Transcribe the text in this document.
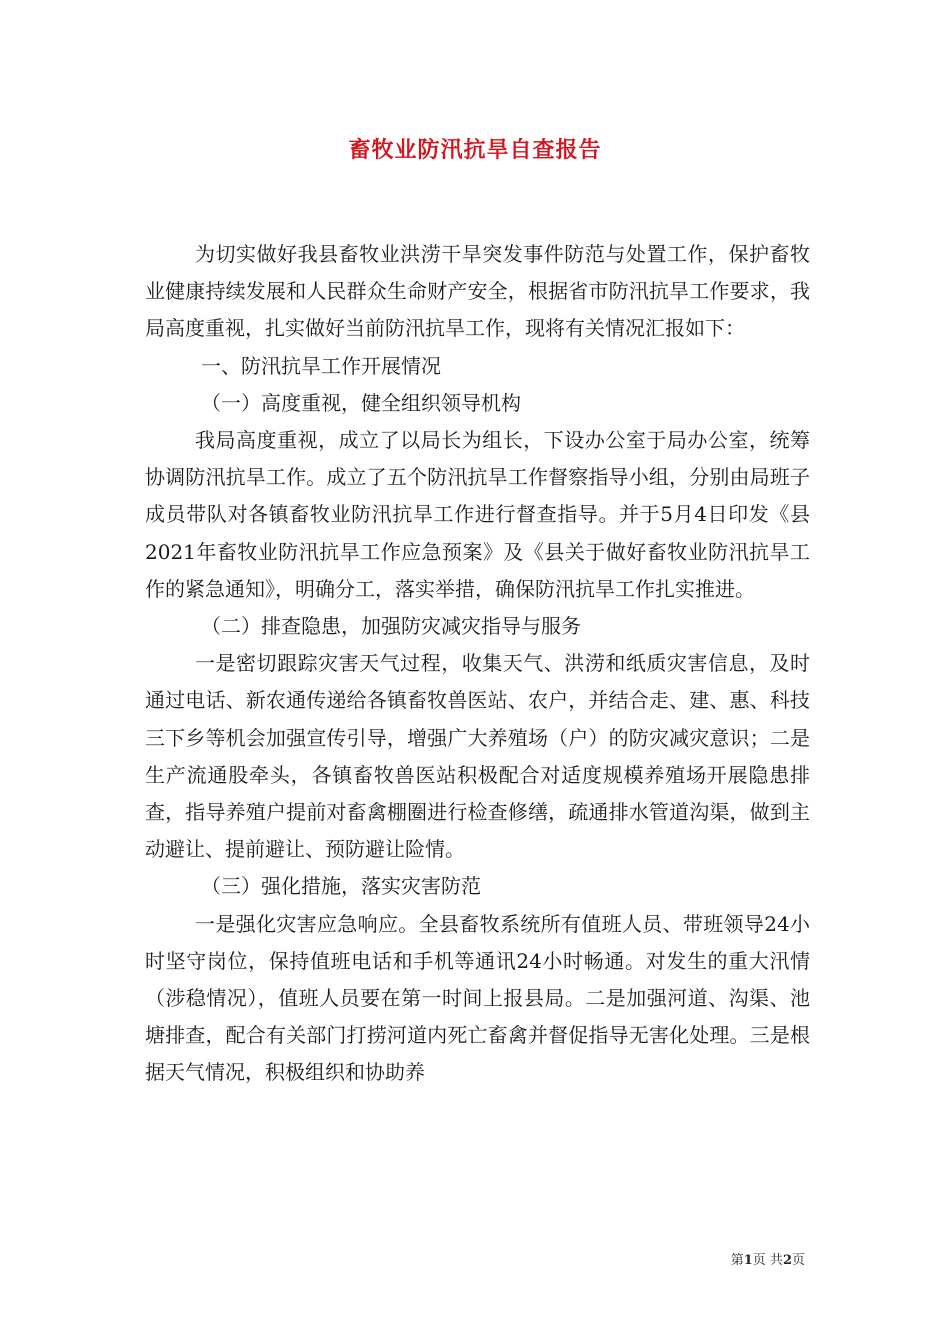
畜牧业防汛抗旱自查报告

为切实做好我县畜牧业洪涝干旱突发事件防范与处置工作，保护畜牧业健康持续发展和人民群众生命财产安全，根据省市防汛抗旱工作要求，我局高度重视，扎实做好当前防汛抗旱工作，现将有关情况汇报如下：

一、防汛抗旱工作开展情况

（一）高度重视，健全组织领导机构

我局高度重视，成立了以局长为组长，下设办公室于局办公室，统筹协调防汛抗旱工作。成立了五个防汛抗旱工作督察指导小组，分别由局班子成员带队对各镇畜牧业防汛抗旱工作进行督查指导。并于5月4日印发《县2021年畜牧业防汛抗旱工作应急预案》及《县关于做好畜牧业防汛抗旱工作的紧急通知》，明确分工，落实举措，确保防汛抗旱工作扎实推进。

（二）排查隐患，加强防灾减灾指导与服务

一是密切跟踪灾害天气过程，收集天气、洪涝和纸质灾害信息，及时通过电话、新农通传递给各镇畜牧兽医站、农户，并结合走、建、惠、科技三下乡等机会加强宣传引导，增强广大养殖场（户）的防灾减灾意识；二是生产流通股牵头，各镇畜牧兽医站积极配合对适度规模养殖场开展隐患排查，指导养殖户提前对畜禽棚圈进行检查修缮，疏通排水管道沟渠，做到主动避让、提前避让、预防避让险情。

（三）强化措施，落实灾害防范

一是强化灾害应急响应。全县畜牧系统所有值班人员、带班领导24小时坚守岗位，保持值班电话和手机等通讯24小时畅通。对发生的重大汛情（涉稳情况），值班人员要在第一时间上报县局。二是加强河道、沟渠、池塘排查，配合有关部门打捞河道内死亡畜禽并督促指导无害化处理。三是根据天气情况，积极组织和协助养

第1页 共2页
